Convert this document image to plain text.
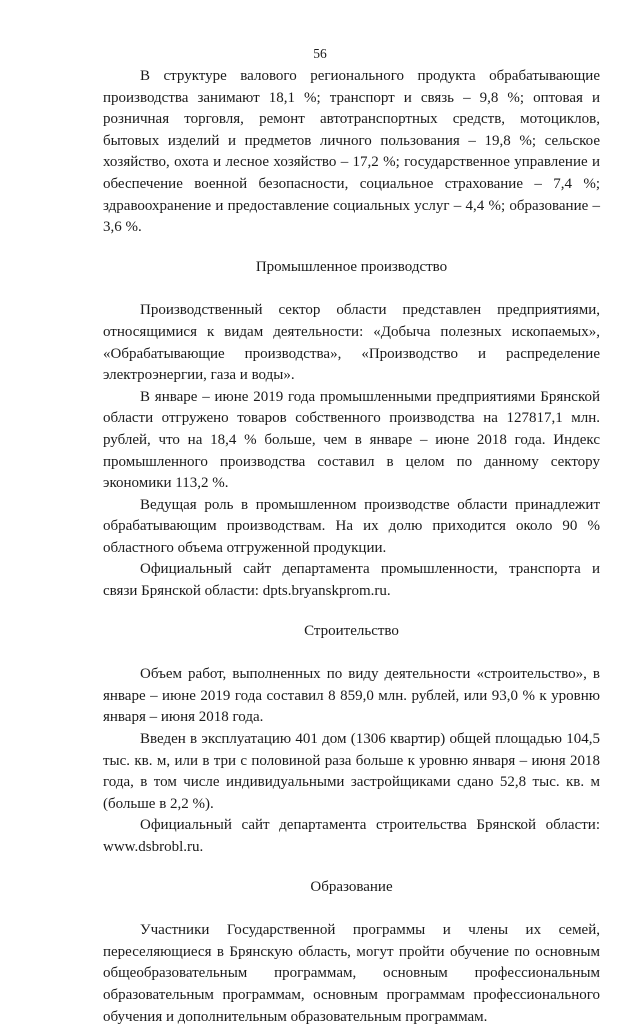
56

В структуре валового регионального продукта обрабатывающие производства занимают 18,1 %; транспорт и связь – 9,8 %; оптовая и розничная торговля, ремонт автотранспортных средств, мотоциклов, бытовых изделий и предметов личного пользования – 19,8 %; сельское хозяйство, охота и лесное хозяйство – 17,2 %; государственное управление и обеспечение военной безопасности, социальное страхование – 7,4 %; здравоохранение и предоставление социальных услуг – 4,4 %; образование – 3,6 %.

Промышленное производство

Производственный сектор области представлен предприятиями, относящимися к видам деятельности: «Добыча полезных ископаемых», «Обрабатывающие производства», «Производство и распределение электроэнергии, газа и воды».

В январе – июне 2019 года промышленными предприятиями Брянской области отгружено товаров собственного производства на 127817,1 млн. рублей, что на 18,4 % больше, чем в январе – июне 2018 года. Индекс промышленного производства составил в целом по данному сектору экономики 113,2 %.

Ведущая роль в промышленном производстве области принадлежит обрабатывающим производствам. На их долю приходится около 90 % областного объема отгруженной продукции.

Официальный сайт департамента промышленности, транспорта и связи Брянской области: dpts.bryanskprom.ru.

Строительство

Объем работ, выполненных по виду деятельности «строительство», в январе – июне 2019 года составил 8 859,0 млн. рублей, или 93,0 % к уровню января – июня 2018 года.

Введен в эксплуатацию 401 дом (1306 квартир) общей площадью 104,5 тыс. кв. м, или в три с половиной раза больше к уровню января – июня 2018 года, в том числе индивидуальными застройщиками сдано 52,8 тыс. кв. м (больше в 2,2 %).

Официальный сайт департамента строительства Брянской области: www.dsbrobl.ru.

Образование

Участники Государственной программы и члены их семей, переселяющиеся в Брянскую область, могут пройти обучение по основным общеобразовательным программам, основным профессиональным образовательным программам, основным программам профессионального обучения и дополнительным образовательным программам.
